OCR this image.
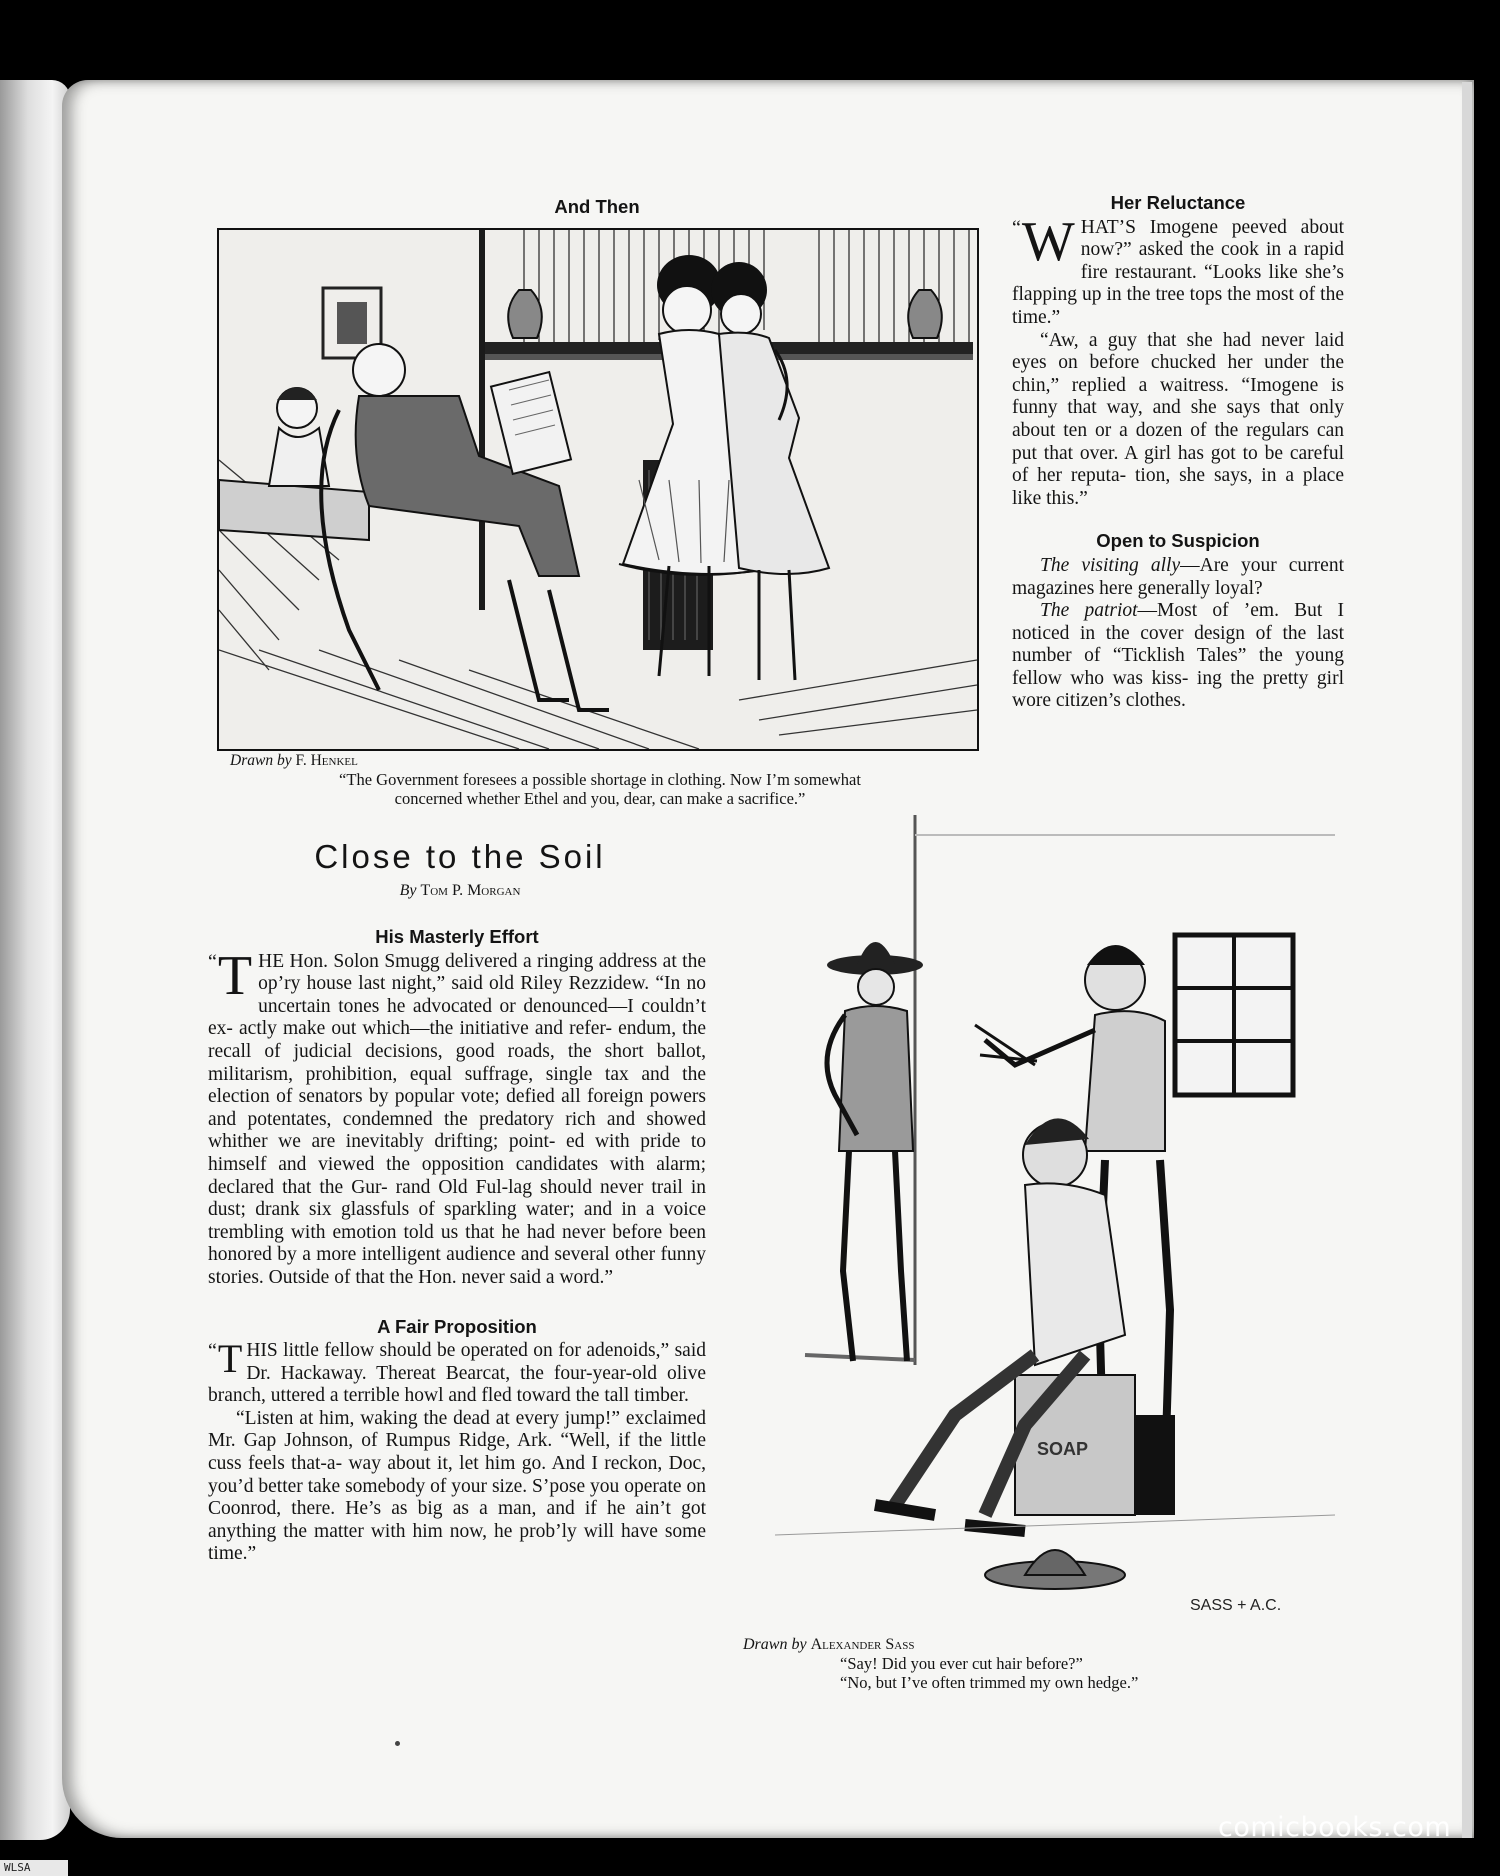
And Then
Drawn by F. Henkel
“The Government foresees a possible shortage in clothing. Now I’m somewhat
concerned whether Ethel and you, dear, can make a sacrifice.”
Her Reluctance

“ W HAT’S Imogene peeved about now?” asked the cook in a rapid fire restaurant. “Looks like she’s flapping up in the tree tops the most of the time.”

“Aw, a guy that she had never laid eyes on before chucked her under the chin,” replied a waitress. “Imogene is funny that way, and she says that only about ten or a dozen of the regulars can put that over. A girl has got to be careful of her reputa- tion, she says, in a place like this.”

Open to Suspicion

The visiting ally—Are your current magazines here generally loyal?

The patriot—Most of ’em. But I noticed in the cover design of the last number of “Ticklish Tales” the young fellow who was kiss- ing the pretty girl wore citizen’s clothes.

Close to the Soil
By Tom P. Morgan
His Masterly Effort

“ T HE Hon. Solon Smugg delivered a ringing address at the op’ry house last night,” said old Riley Rezzidew. “In no uncertain tones he advocated or denounced—I couldn’t ex- actly make out which—the initiative and refer- endum, the recall of judicial decisions, good roads, the short ballot, militarism, prohibition, equal suffrage, single tax and the election of senators by popular vote; defied all foreign powers and potentates, condemned the predatory rich and showed whither we are inevitably drifting; point- ed with pride to himself and viewed the opposition candidates with alarm; declared that the Gur- rand Old Ful-lag should never trail in dust; drank six glassfuls of sparkling water; and in a voice trembling with emotion told us that he had never before been honored by a more intelligent audience and several other funny stories. Outside of that the Hon. never said a word.”

A Fair Proposition

“ T HIS little fellow should be operated on for adenoids,” said Dr. Hackaway. Thereat Bearcat, the four-year-old olive branch, uttered a terrible howl and fled toward the tall timber.

“Listen at him, waking the dead at every jump!” exclaimed Mr. Gap Johnson, of Rumpus Ridge, Ark. “Well, if the little cuss feels that-a- way about it, let him go. And I reckon, Doc, you’d better take somebody of your size. S’pose you operate on Coonrod, there. He’s as big as a man, and if he ain’t got anything the matter with him now, he prob’ly will have some time.”

SOAP
SASS + A.C.
Drawn by Alexander Sass
“Say! Did you ever cut hair before?”
“No, but I’ve often trimmed my own hedge.”
comicbooks.com
WLSA
